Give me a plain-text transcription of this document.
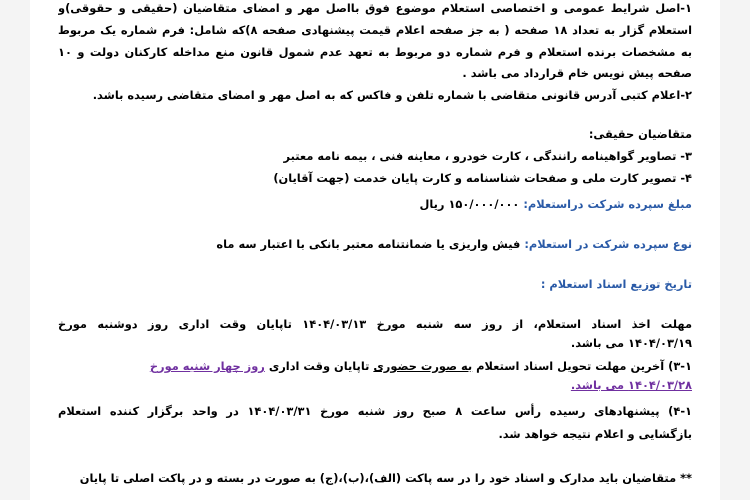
۱-اصل شرایط عمومی و اختصاصی استعلام موضوع فوق بااصل مهر و امضای متقاضیان (حقیقی و حقوقی)و
استعلام گزار به تعداد ۱۸ صفحه ( به جز صفحه اعلام قیمت پیشنهادی صفحه ۸)که شامل: فرم شماره یک مربوط
به مشخصات برنده استعلام و فرم شماره دو مربوط به تعهد عدم شمول قانون منع مداخله کارکنان دولت و ۱۰
صفحه پیش نویس خام قرارداد می باشد .
۲-اعلام کتبی آدرس قانونی متقاضی با شماره تلفن و فاکس که به اصل مهر و امضای متقاضی رسیده باشد.
متقاضیان حقیقی:
۳- تصاویر گواهینامه رانندگی ، کارت خودرو ، معاینه فنی ، بیمه نامه معتبر
۴- تصویر کارت ملی و صفحات شناسنامه و کارت پایان خدمت (جهت آقایان)
مبلغ سپرده شرکت دراستعلام: ۱۵۰/۰۰۰/۰۰۰ ریال
نوع سپرده شرکت در استعلام: فیش واریزی یا ضمانتنامه معتبر بانکی با اعتبار سه ماه
تاریخ توزیع اسناد استعلام :
مهلت اخذ اسناد استعلام، از روز سه شنبه مورخ ۱۴۰۴/۰۳/۱۳ تاپایان وقت اداری روز دوشنبه مورخ
۱۴۰۴/۰۳/۱۹ می باشد.
۳-۱) آخرین مهلت تحویل اسناد استعلام به صورت حضوری تاپایان وقت اداری روز چهار شنبه مورخ
۱۴۰۴/۰۳/۲۸ می باشد.
۴-۱) پیشنهادهای رسیده رأس ساعت ۸ صبح روز شنبه مورخ ۱۴۰۴/۰۳/۳۱ در واحد برگزار کننده استعلام
بازگشایی و اعلام نتیجه خواهد شد.
** متقاضیان باید مدارک و اسناد خود را در سه پاکت (الف)،(ب)،(ج) به صورت در بسته و در پاکت اصلی تا پایان
